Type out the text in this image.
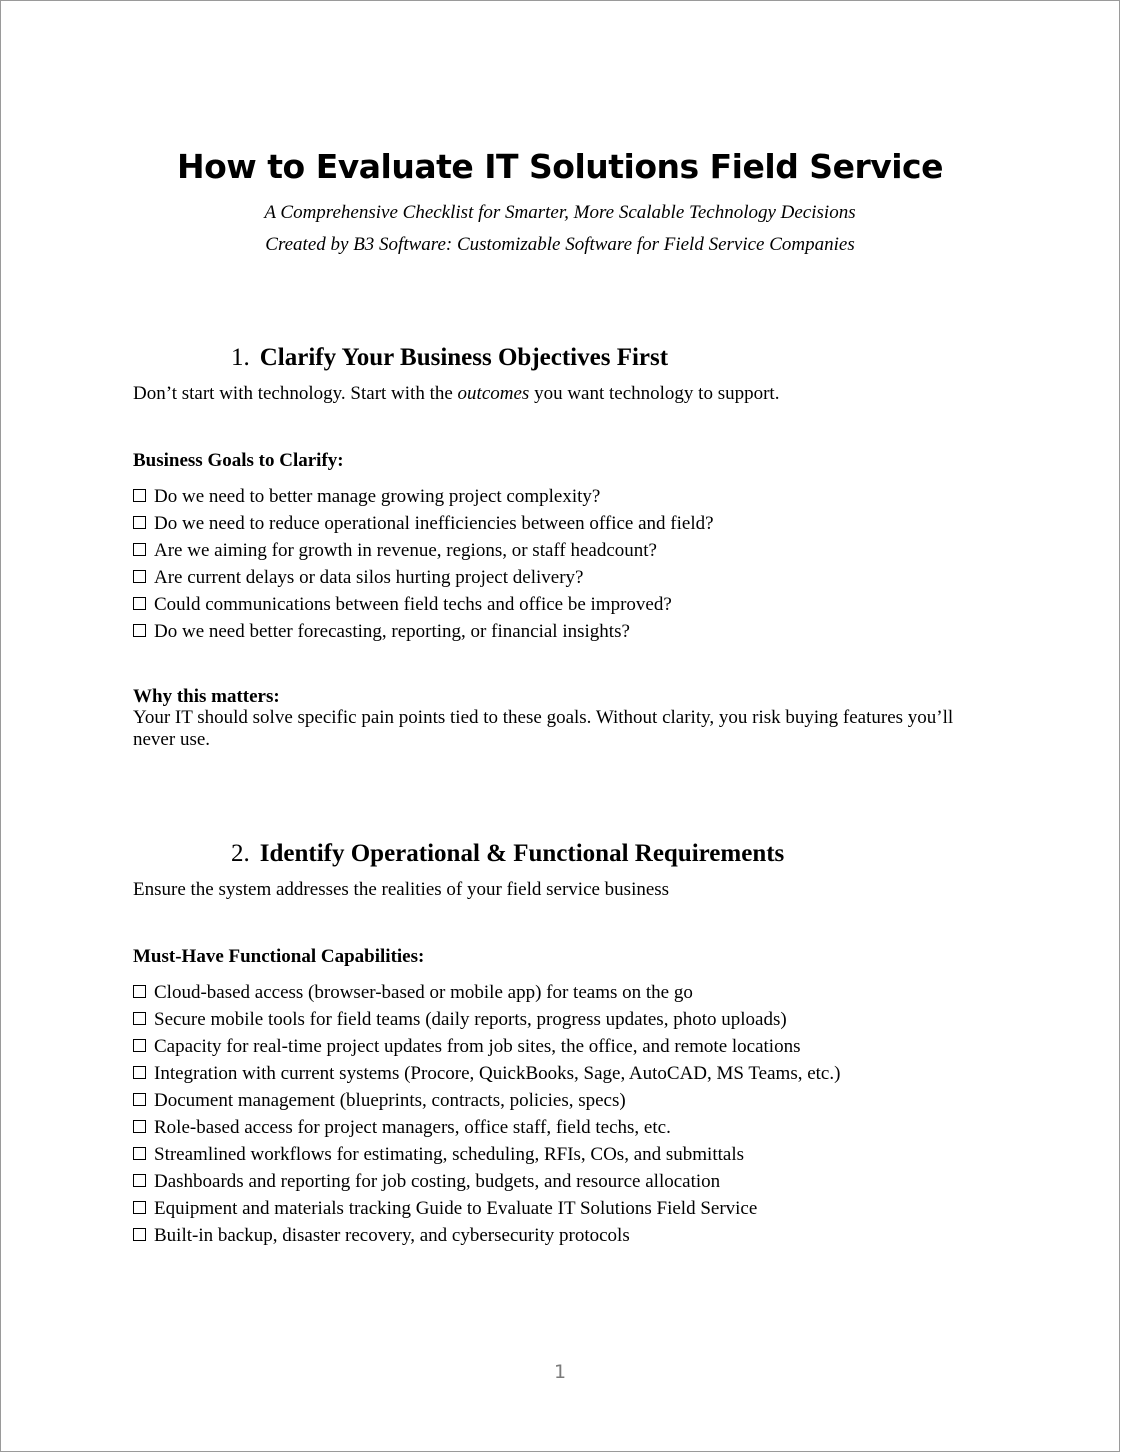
How to Evaluate IT Solutions Field Service
A Comprehensive Checklist for Smarter, More Scalable Technology Decisions
Created by B3 Software: Customizable Software for Field Service Companies
1. Clarify Your Business Objectives First
Don’t start with technology. Start with the outcomes you want technology to support.
Business Goals to Clarify:
Do we need to better manage growing project complexity?
Do we need to reduce operational inefficiencies between office and field?
Are we aiming for growth in revenue, regions, or staff headcount?
Are current delays or data silos hurting project delivery?
Could communications between field techs and office be improved?
Do we need better forecasting, reporting, or financial insights?
Why this matters:
Your IT should solve specific pain points tied to these goals. Without clarity, you risk buying features you’ll never use.
2. Identify Operational & Functional Requirements
Ensure the system addresses the realities of your field service business
Must-Have Functional Capabilities:
Cloud-based access (browser-based or mobile app) for teams on the go
Secure mobile tools for field teams (daily reports, progress updates, photo uploads)
Capacity for real-time project updates from job sites, the office, and remote locations
Integration with current systems (Procore, QuickBooks, Sage, AutoCAD, MS Teams, etc.)
Document management (blueprints, contracts, policies, specs)
Role-based access for project managers, office staff, field techs, etc.
Streamlined workflows for estimating, scheduling, RFIs, COs, and submittals
Dashboards and reporting for job costing, budgets, and resource allocation
Equipment and materials tracking Guide to Evaluate IT Solutions Field Service
Built-in backup, disaster recovery, and cybersecurity protocols
1
